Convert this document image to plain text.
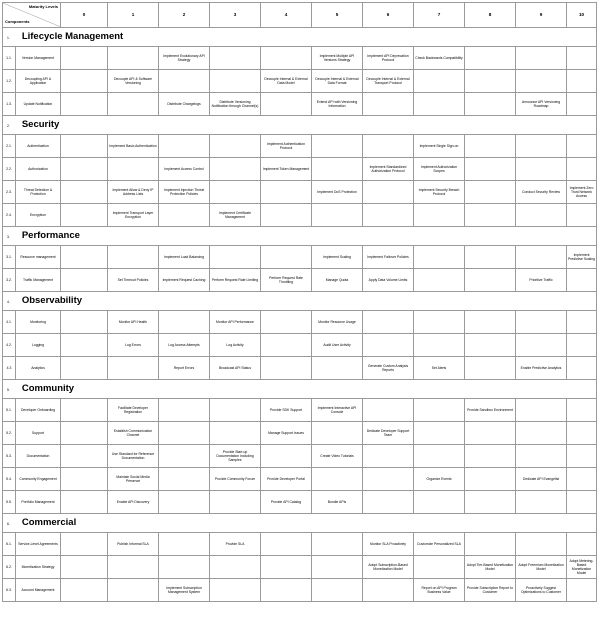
Maturity Levels
Components		0	1	2	3	4	5	6	7	8	9	10
1. Lifecycle Management												
1.1.	Version Management			Implement Evolutionary API Strategy			Implement Multiple API Versions Strategy	Implement API Deprecation Protocol	Check Backwards Compatibility			
1.2.	Decoupling API & Application		Decouple API & Software Versioning			Decouple Internal & External Data Model	Decouple Internal & External Data Format	Decouple Internal & External Transport Protocol				
1.3.	Update Notification			Distribute Changelogs	Distribute Versioning Notification through Channel(s)		Extend API with Versioning Information				Announce API Versioning Roadmap	
2. Security												
2.1.	Authentication		Implement Basic Authentication			Implement Authentication Protocol			Implement Single Sign-on			
2.2.	Authorization			Implement Access Control		Implement Token Management		Implement Standardized Authorization Protocol	Implement Authorization Scopes			
2.3.	Threat Detection & Protection		Implement Allow & Deny IP Address Lists	Implement Injection Threat Protection Policies			Implement DoS Protection		Implement Security Breach Protocol		Conduct Security Review	Implement Zero Trust Network Access
2.4.	Encryption		Implement Transport Layer Encryption		Implement Certificate Management							
3. Performance												
3.1.	Resource management			Implement Load Balancing			Implement Scaling	Implement Failover Policies				Implement Predictive Scaling
3.2.	Traffic Management		Set Timeout Policies	Implement Request Caching	Perform Request Rate Limiting	Perform Request Rate Throttling	Manage Quota	Apply Data Volume Limits			Prioritize Traffic	
4. Observability												
4.1.	Monitoring		Monitor API Health		Monitor API Performance		Monitor Resource Usage					
4.2.	Logging		Log Errors	Log Access Attempts	Log Activity		Audit User Activity					
4.3	Analytics			Report Errors	Broadcast API Status			Generate Custom Analysis Reports	Set Alerts		Enable Predictive Analytics	
5. Community												
5.1.	Developer Onboarding		Facilitate Developer Registration			Provide SDK Support	Implement Interactive API Console			Provide Sandbox Environment		
5.2.	Support		Establish Communication Channel			Manage Support Issues		Dedicate Developer Support Team				
5.3.	Documentation		Use Standard for Reference Documentation		Provide Start-up Documentation Including Samples		Create Video Tutorials					
5.4.	Community Engagement		Maintain Social Media Presence		Provide Community Forum	Provide Developer Portal			Organize Events		Dedicate API Evangelist	
5.5.	Portfolio Management		Enable API Discovery			Provide API Catalog	Bundle APIs					
6. Commercial												
6.1.	Service-Level Agreements		Publish Informal SLA		Provide SLA			Monitor SLA Proactively	Customize Personalized SLA			
6.2.	Monetization Strategy							Adopt Subscription-Based Monetization Model		Adopt Tier-Based Monetization Model	Adopt Freemium Monetization Model	Adopt Metering-Based Monetization Model
6.3.	Account Management			Implement Subscription Management System					Report on API Program Business Value	Provide Subscription Report to Customer	Proactively Suggest Optimizations to Customer	
